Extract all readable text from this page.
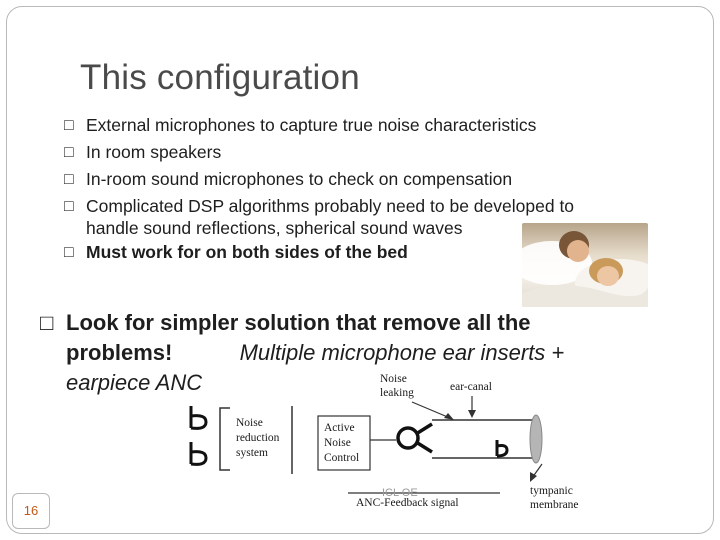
This configuration
□ External microphones to capture true noise characteristics
□ In room speakers
□ In-room sound microphones to check on compensation
□ Complicated DSP algorithms probably need to be developed to
handle sound reflections, spherical sound waves
□ Must work for on both sides of the bed
□ Look for simpler solution that remove all the
problems!	Multiple microphone ear inserts +
earpiece ANC
Noise
reduction
system
Active
Noise
Control
Noise
leaking	ear-canal
tympanic
membrane
ICL OE
ANC-Feedback signal
16
